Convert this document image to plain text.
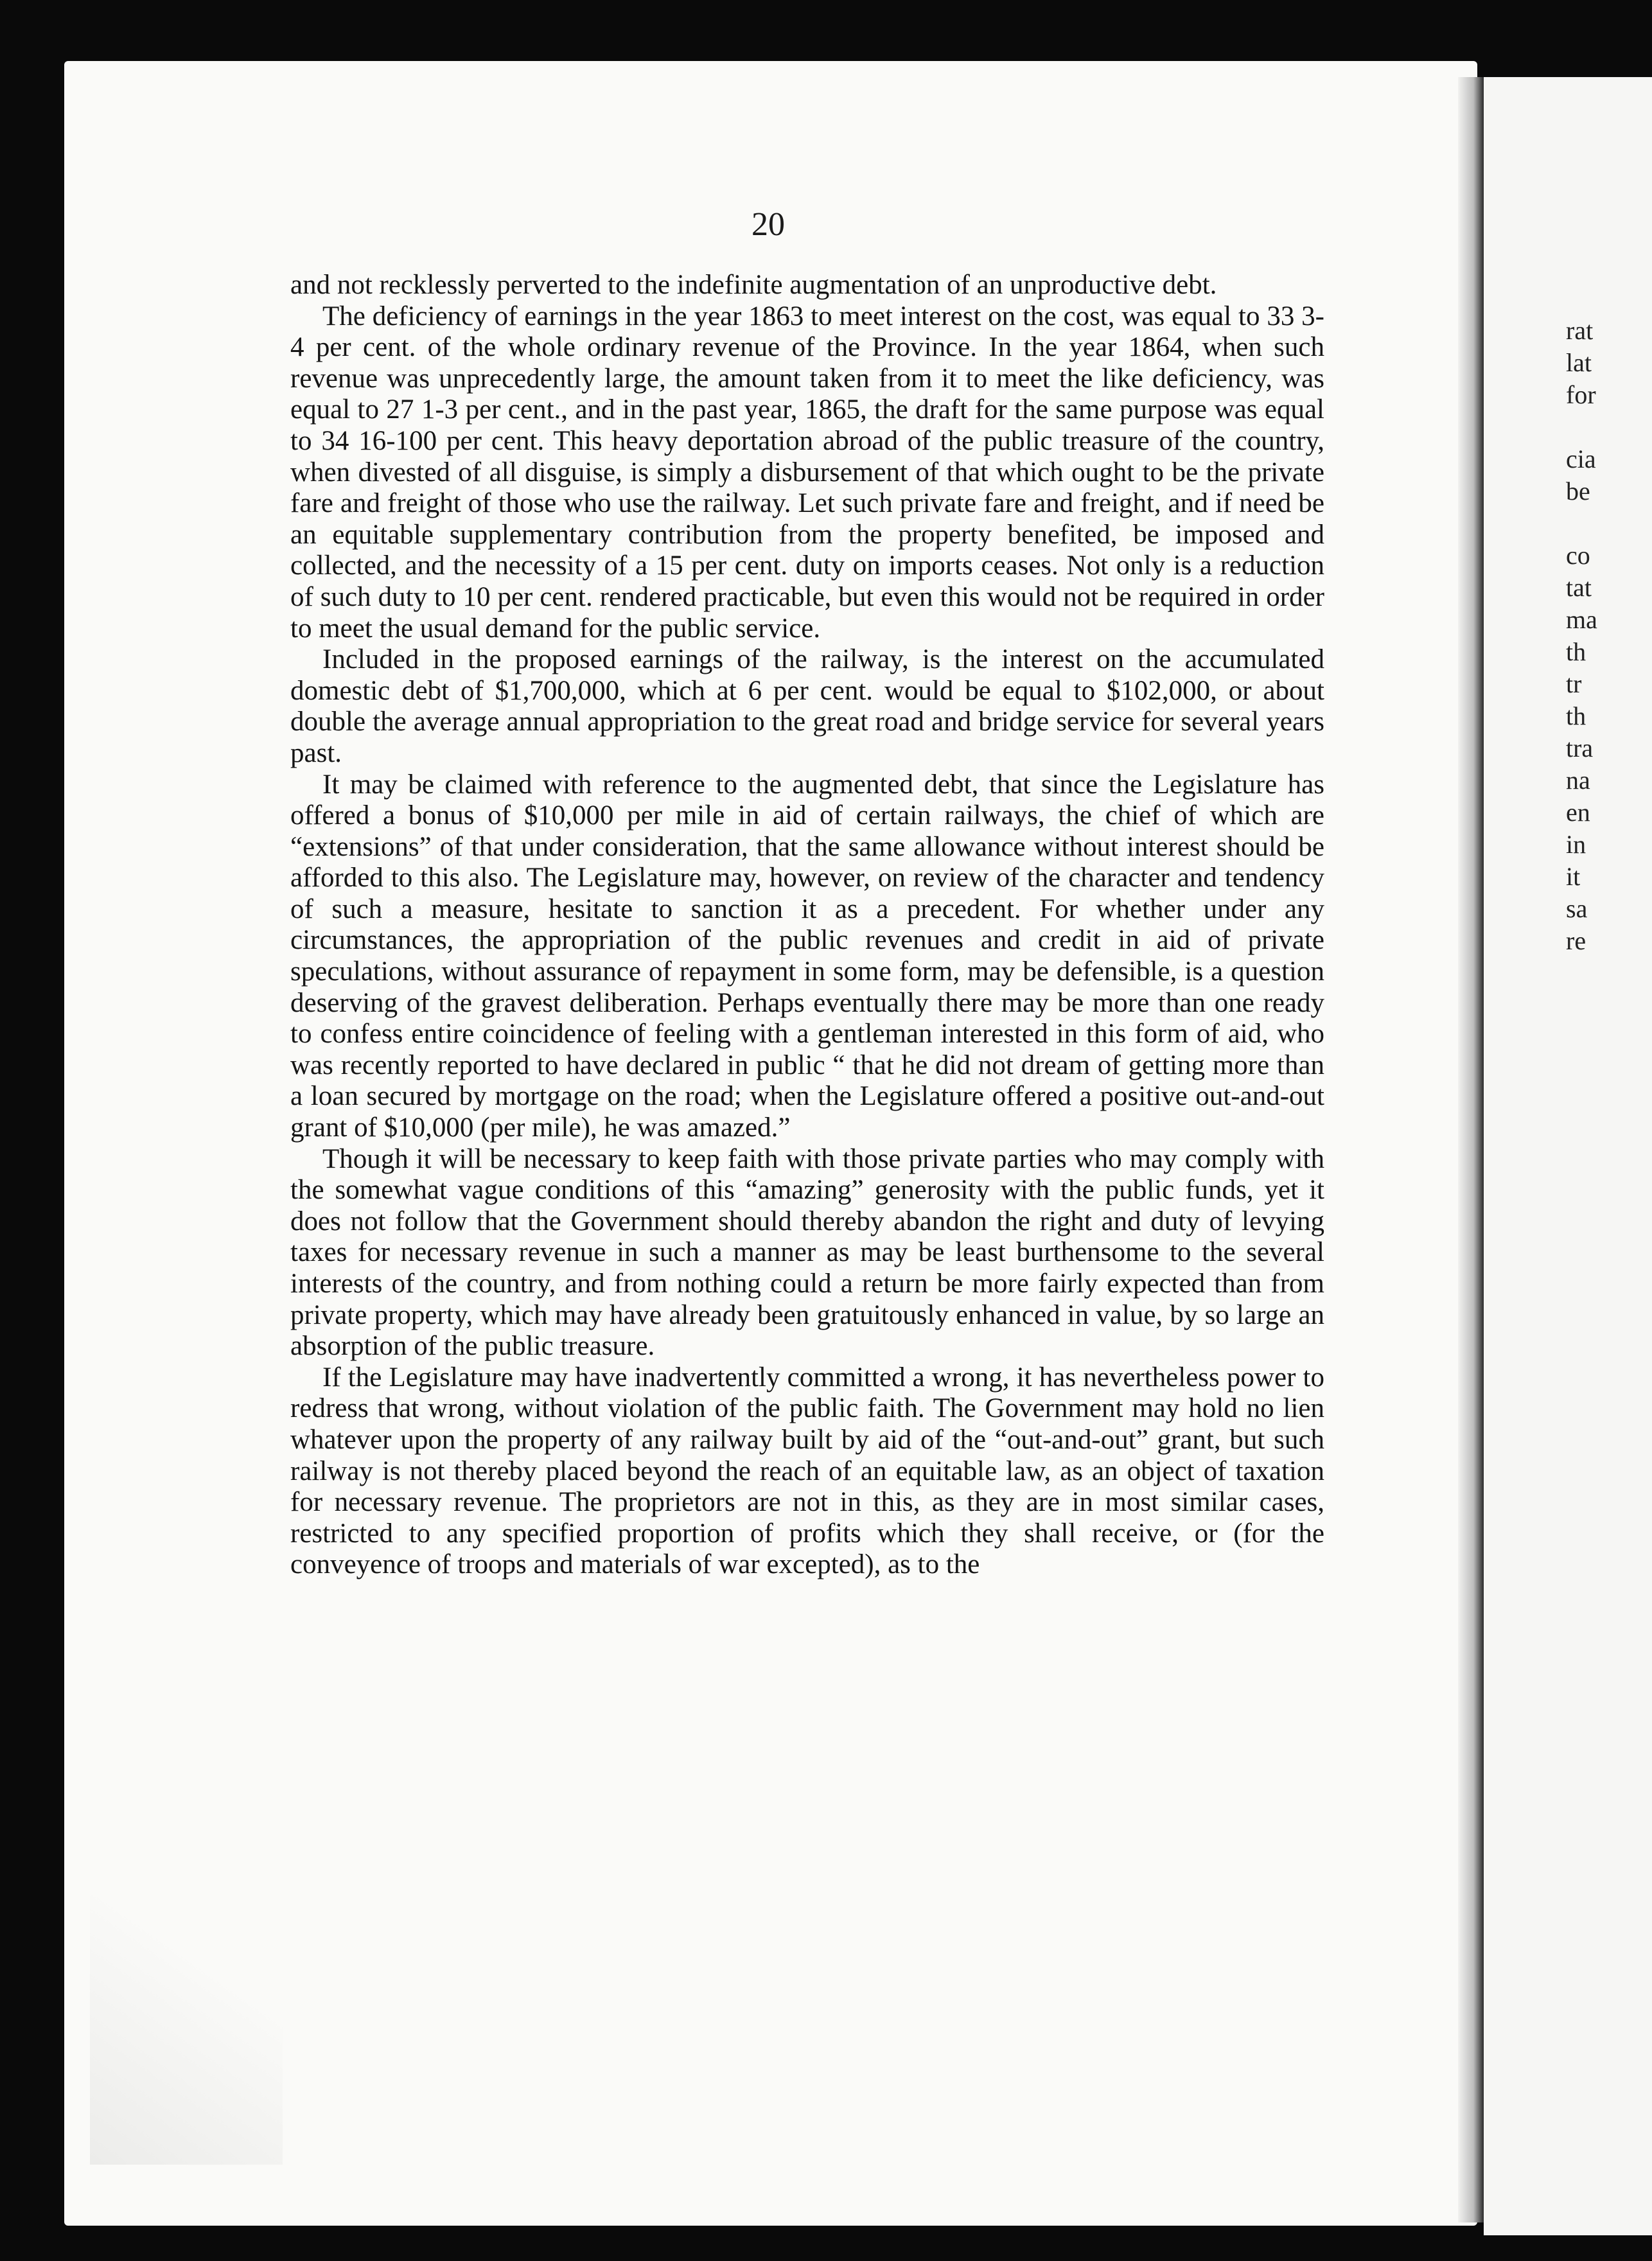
rat
lat
for
cia
be
co
tat
ma
th
tr
th
tra
na
en
in
it
sa
re
20

and not recklessly perverted to the indefinite augmentation of an unproductive debt.

The deficiency of earnings in the year 1863 to meet interest on the cost, was equal to 33 3-4 per cent. of the whole ordinary revenue of the Province. In the year 1864, when such revenue was unprecedently large, the amount taken from it to meet the like deficiency, was equal to 27 1-3 per cent., and in the past year, 1865, the draft for the same purpose was equal to 34 16-100 per cent. This heavy deportation abroad of the public treasure of the country, when divested of all disguise, is simply a disbursement of that which ought to be the private fare and freight of those who use the railway. Let such private fare and freight, and if need be an equitable supplementary contribution from the property benefited, be imposed and collected, and the necessity of a 15 per cent. duty on imports ceases. Not only is a reduction of such duty to 10 per cent. rendered practicable, but even this would not be required in order to meet the usual demand for the public service.

Included in the proposed earnings of the railway, is the interest on the accumulated domestic debt of $1,700,000, which at 6 per cent. would be equal to $102,000, or about double the average annual appropriation to the great road and bridge service for several years past.

It may be claimed with reference to the augmented debt, that since the Legislature has offered a bonus of $10,000 per mile in aid of certain railways, the chief of which are “extensions” of that under consideration, that the same allowance without interest should be afforded to this also. The Legislature may, however, on review of the character and tendency of such a measure, hesitate to sanction it as a precedent. For whether under any circumstances, the appropriation of the public revenues and credit in aid of private speculations, without assurance of repayment in some form, may be defensible, is a question deserving of the gravest deliberation. Perhaps eventually there may be more than one ready to confess entire coincidence of feeling with a gentleman interested in this form of aid, who was recently reported to have declared in public “ that he did not dream of getting more than a loan secured by mortgage on the road; when the Legislature offered a positive out-and-out grant of $10,000 (per mile), he was amazed.”

Though it will be necessary to keep faith with those private parties who may comply with the somewhat vague conditions of this “amazing” generosity with the public funds, yet it does not follow that the Government should thereby abandon the right and duty of levying taxes for necessary revenue in such a manner as may be least burthensome to the several interests of the country, and from nothing could a return be more fairly expected than from private property, which may have already been gratuitously enhanced in value, by so large an absorption of the public treasure.

If the Legislature may have inadvertently committed a wrong, it has nevertheless power to redress that wrong, without violation of the public faith. The Government may hold no lien whatever upon the property of any railway built by aid of the “out-and-out” grant, but such railway is not thereby placed beyond the reach of an equitable law, as an object of taxation for necessary revenue. The proprietors are not in this, as they are in most similar cases, restricted to any specified proportion of profits which they shall receive, or (for the conveyence of troops and materials of war excepted), as to the
